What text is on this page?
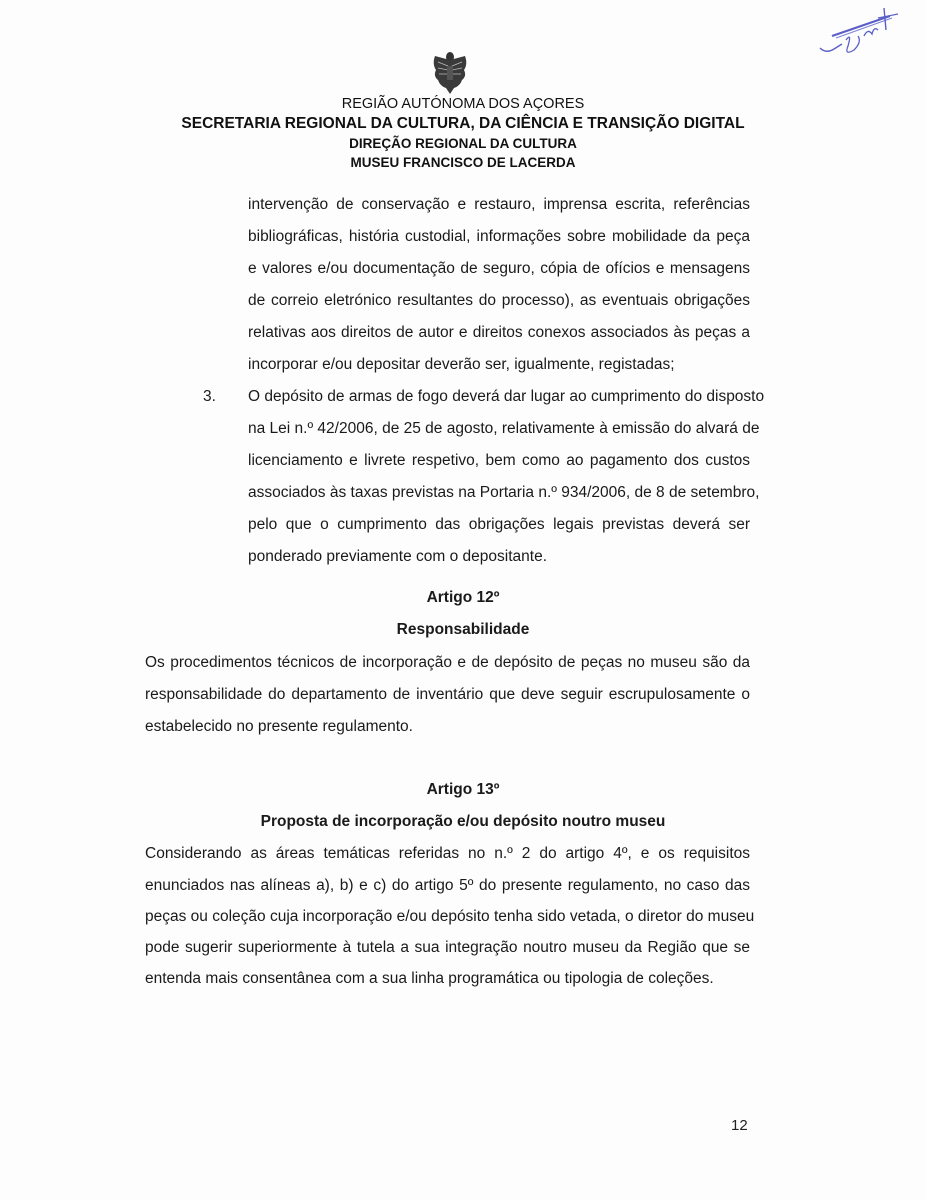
REGIÃO AUTÓNOMA DOS AÇORES
SECRETARIA REGIONAL DA CULTURA, DA CIÊNCIA E TRANSIÇÃO DIGITAL
DIREÇÃO REGIONAL DA CULTURA
MUSEU FRANCISCO DE LACERDA
intervenção de conservação e restauro, imprensa escrita, referências
bibliográficas, história custodial, informações sobre mobilidade da peça
e valores e/ou documentação de seguro, cópia de ofícios e mensagens
de correio eletrónico resultantes do processo), as eventuais obrigações
relativas aos direitos de autor e direitos conexos associados às peças a
incorporar e/ou depositar deverão ser, igualmente, registadas;
3. O depósito de armas de fogo deverá dar lugar ao cumprimento do disposto
na Lei n.º 42/2006, de 25 de agosto, relativamente à emissão do alvará de
licenciamento e livrete respetivo, bem como ao pagamento dos custos
associados às taxas previstas na Portaria n.º 934/2006, de 8 de setembro,
pelo que o cumprimento das obrigações legais previstas deverá ser
ponderado previamente com o depositante.
Artigo 12º
Responsabilidade
Os procedimentos técnicos de incorporação e de depósito de peças no museu são da
responsabilidade do departamento de inventário que deve seguir escrupulosamente o
estabelecido no presente regulamento.
Artigo 13º
Proposta de incorporação e/ou depósito noutro museu
Considerando as áreas temáticas referidas no n.º 2 do artigo 4º, e os requisitos
enunciados nas alíneas a), b) e c) do artigo 5º do presente regulamento, no caso das
peças ou coleção cuja incorporação e/ou depósito tenha sido vetada, o diretor do museu
pode sugerir superiormente à tutela a sua integração noutro museu da Região que se
entenda mais consentânea com a sua linha programática ou tipologia de coleções.
12
